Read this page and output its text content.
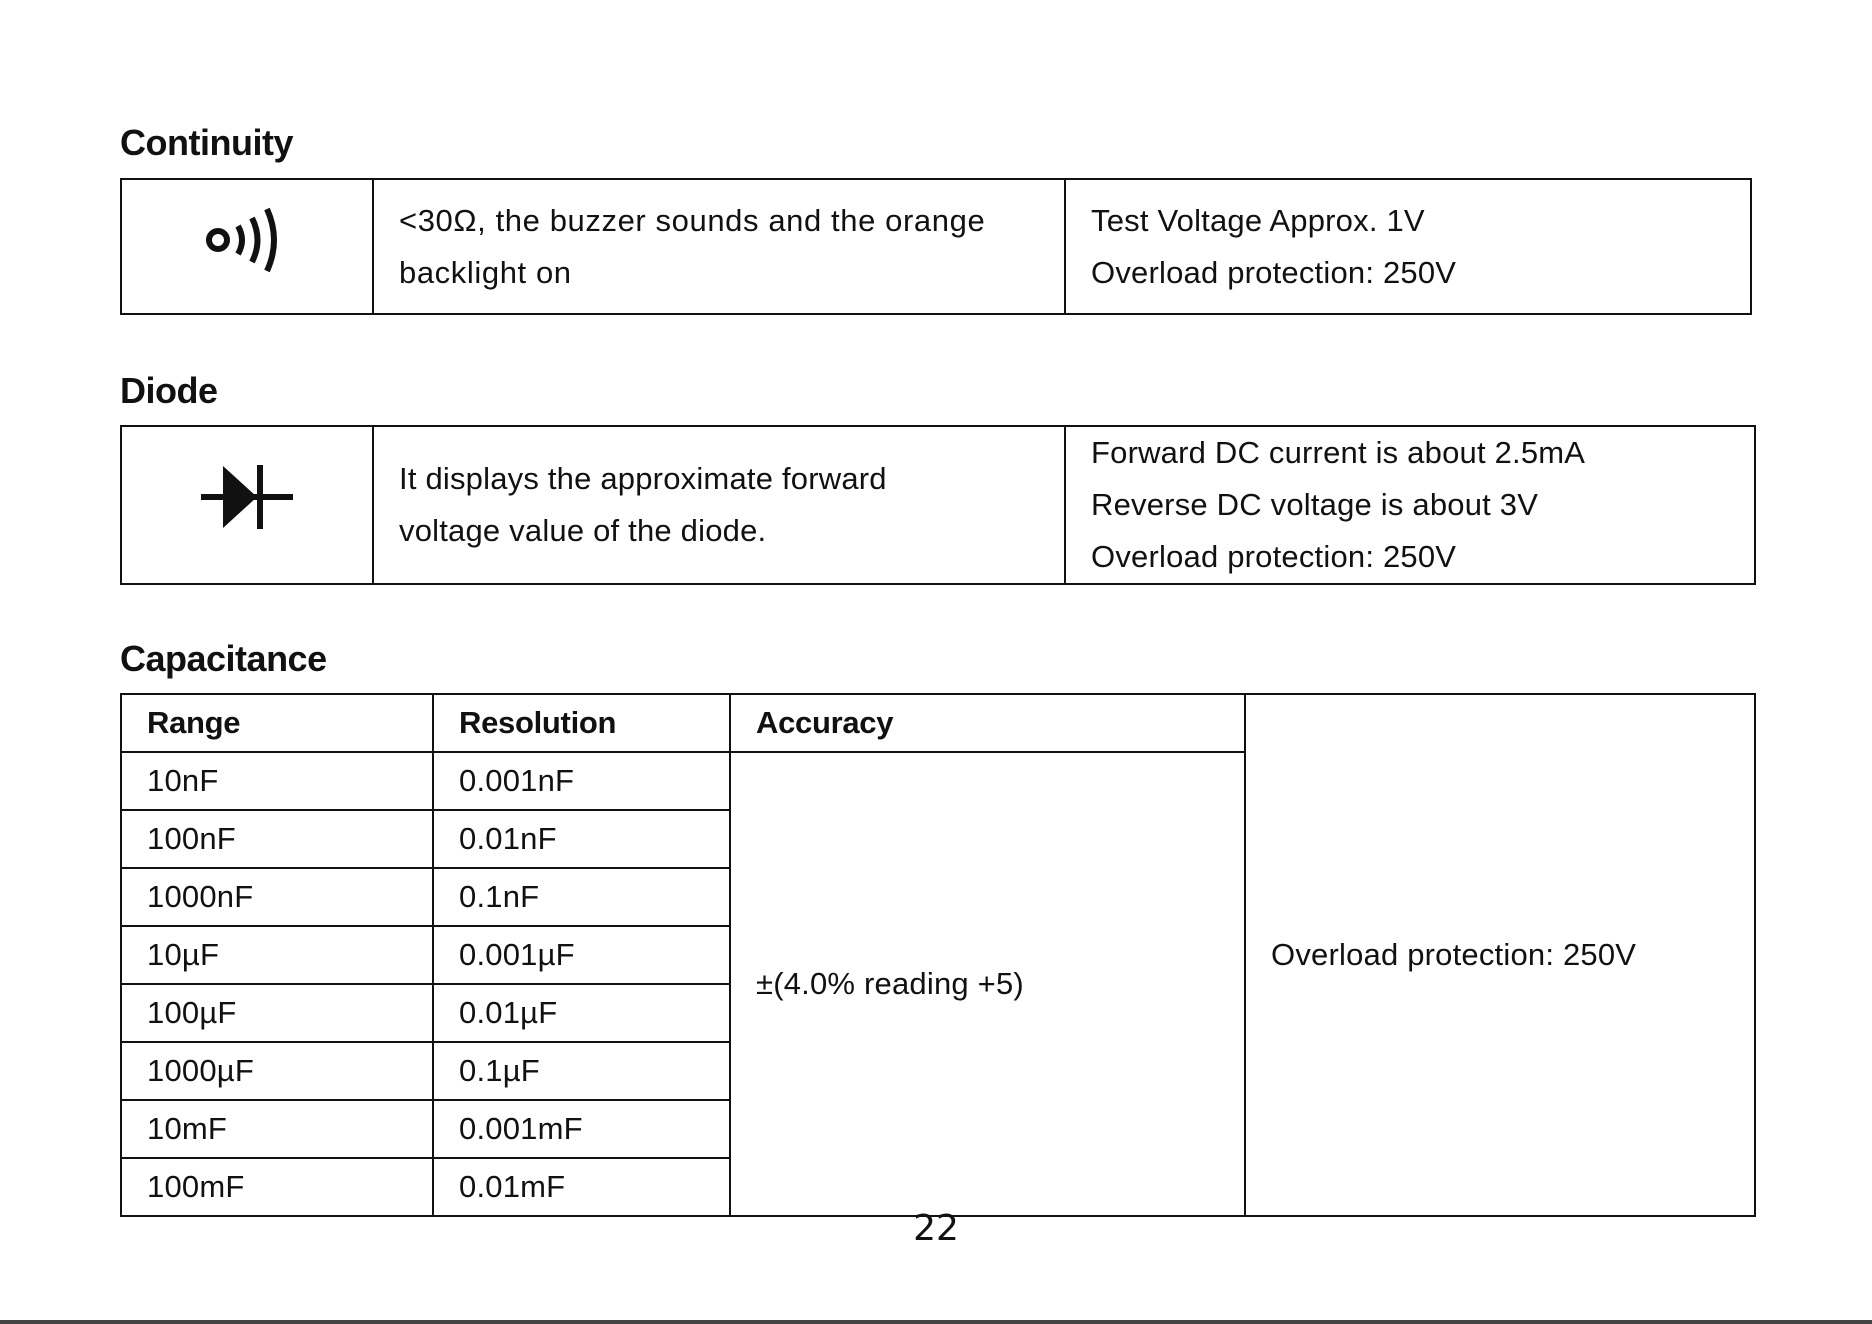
Continuity

<30Ω, the buzzer sounds and the orange
backlight on

Test Voltage Approx. 1V
Overload protection: 250V
Diode

It displays the approximate forward
voltage value of the diode.

Forward DC current is about 2.5mA
Reverse DC voltage is about 3V
Overload protection: 250V
Capacitance
Range	Resolution	Accuracy	Overload protection: 250V
10nF	0.001nF	±(4.0% reading +5)	
100nF	0.01nF		
1000nF	0.1nF		
10µF	0.001µF		
100µF	0.01µF		
1000µF	0.1µF		
10mF	0.001mF		
100mF	0.01mF		
22
